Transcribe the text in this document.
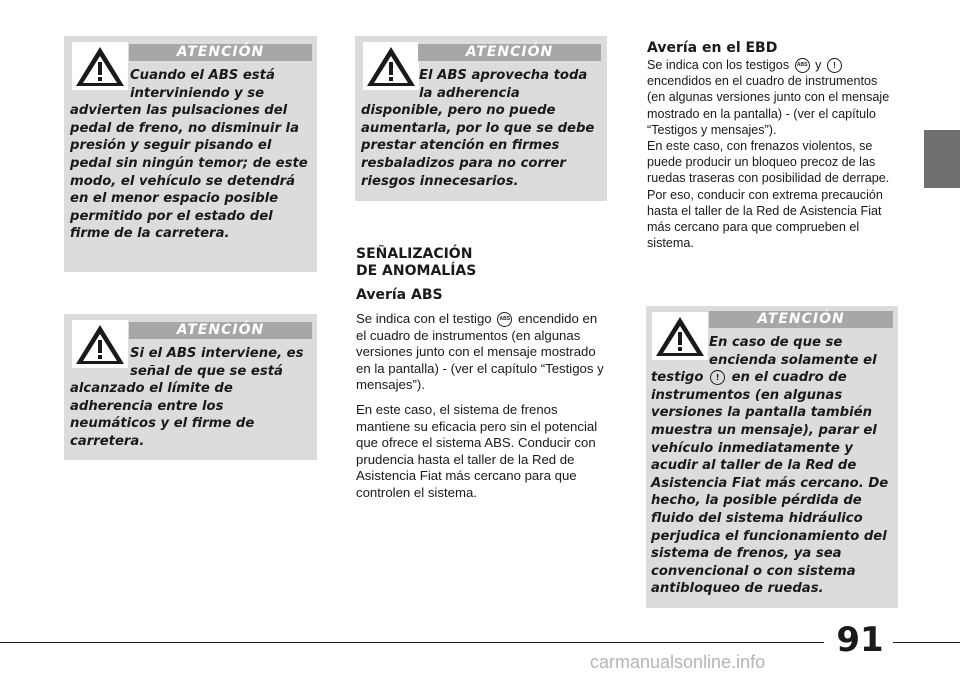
ATENCIÓN
Cuando el ABS está
interviniendo y se
advierten las pulsaciones del pedal de freno, no disminuir la presión y seguir pisando el pedal sin ningún temor; de este modo, el vehículo se detendrá en el menor espacio posible permitido por el estado del firme de la carretera.
ATENCIÓN
Si el ABS interviene, es
señal de que se está
alcanzado el límite de adherencia entre los neumáticos y el firme de carretera.
ATENCIÓN
El ABS aprovecha toda
la adherencia
disponible, pero no puede aumentarla, por lo que se debe prestar atención en firmes resbaladizos para no correr riesgos innecesarios.
SEÑALIZACIÓN
DE ANOMALÍAS
Avería ABS

Se indica con el testigo ABS encendido en el cuadro de instrumentos (en algunas versiones junto con el mensaje mostrado en la pantalla) - (ver el capítulo “Testigos y mensajes”).

En este caso, el sistema de frenos mantiene su eficacia pero sin el potencial que ofrece el sistema ABS. Conducir con prudencia hasta el taller de la Red de Asistencia Fiat más cercano para que controlen el sistema.

Avería en el EBD

Se indica con los testigos ABS y ! encendidos en el cuadro de instrumentos (en algunas versiones junto con el mensaje mostrado en la pantalla) - (ver el capítulo “Testigos y mensajes”).

En este caso, con frenazos violentos, se puede producir un bloqueo precoz de las ruedas traseras con posibilidad de derrape. Por eso, conducir con extrema precaución hasta el taller de la Red de Asistencia Fiat más cercano para que comprueben el sistema.

ATENCIÓN
En caso de que se
encienda solamente el
testigo ! en el cuadro de instrumentos (en algunas versiones la pantalla también muestra un mensaje), parar el vehículo inmediatamente y acudir al taller de la Red de Asistencia Fiat más cercano. De hecho, la posible pérdida de fluido del sistema hidráulico perjudica el funcionamiento del sistema de frenos, ya sea convencional o con sistema antibloqueo de ruedas.
91
carmanualsonline.info
